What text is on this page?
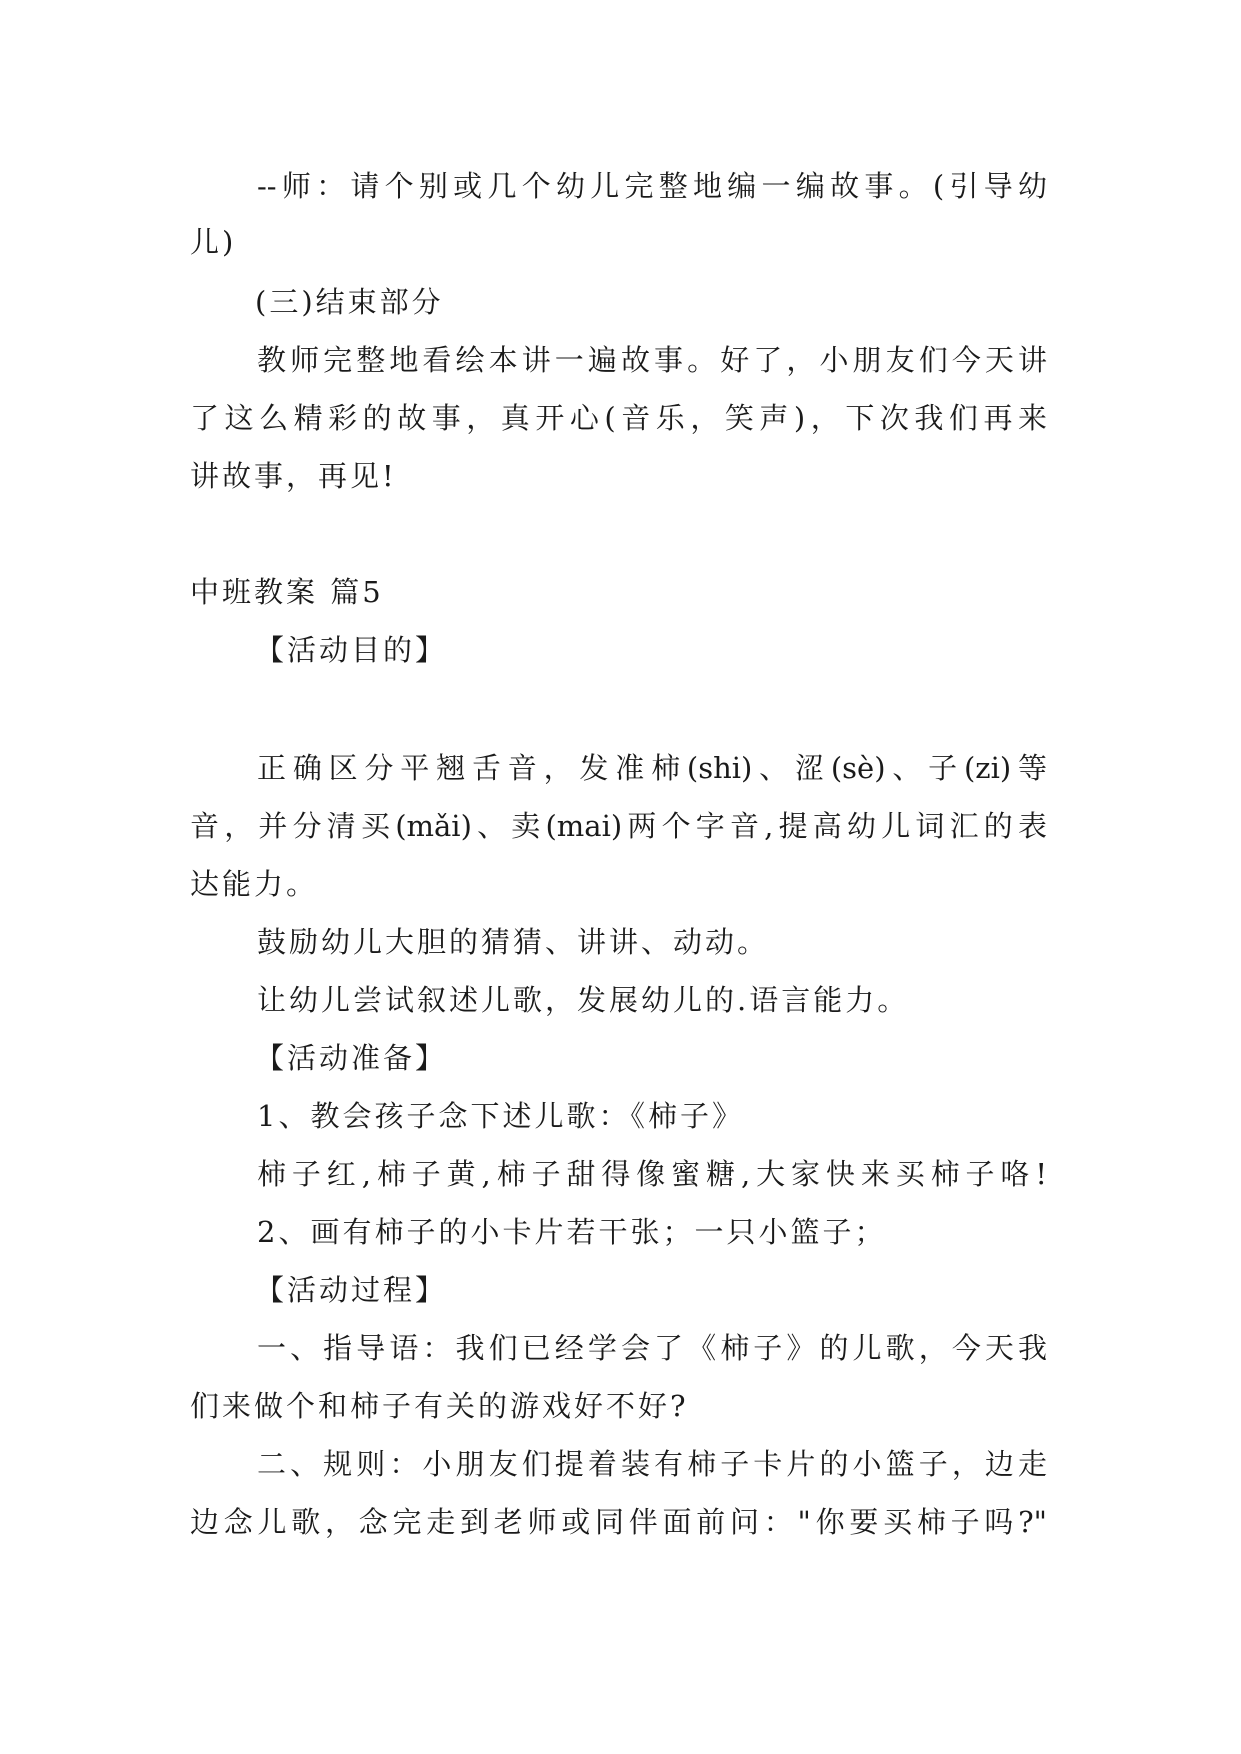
--师：请个别或几个幼儿完整地编一编故事。(引导幼
儿)
(三)结束部分
教师完整地看绘本讲一遍故事。好了，小朋友们今天讲
了这么精彩的故事，真开心(音乐，笑声)，下次我们再来
讲故事，再见!
中班教案 篇5
【活动目的】
正确区分平翘舌音，发准柿(shi)、涩(sè)、子(zi)等
音，并分清买(mǎi)、卖(mai)两个字音,提高幼儿词汇的表
达能力。
鼓励幼儿大胆的猜猜、讲讲、动动。
让幼儿尝试叙述儿歌，发展幼儿的.语言能力。
【活动准备】
1、教会孩子念下述儿歌：《柿子》
柿子红,柿子黄,柿子甜得像蜜糖,大家快来买柿子咯!
2、画有柿子的小卡片若干张；一只小篮子；
【活动过程】
一、指导语：我们已经学会了《柿子》的儿歌，今天我
们来做个和柿子有关的游戏好不好?
二、规则：小朋友们提着装有柿子卡片的小篮子，边走
边念儿歌，念完走到老师或同伴面前问："你要买柿子吗?"
